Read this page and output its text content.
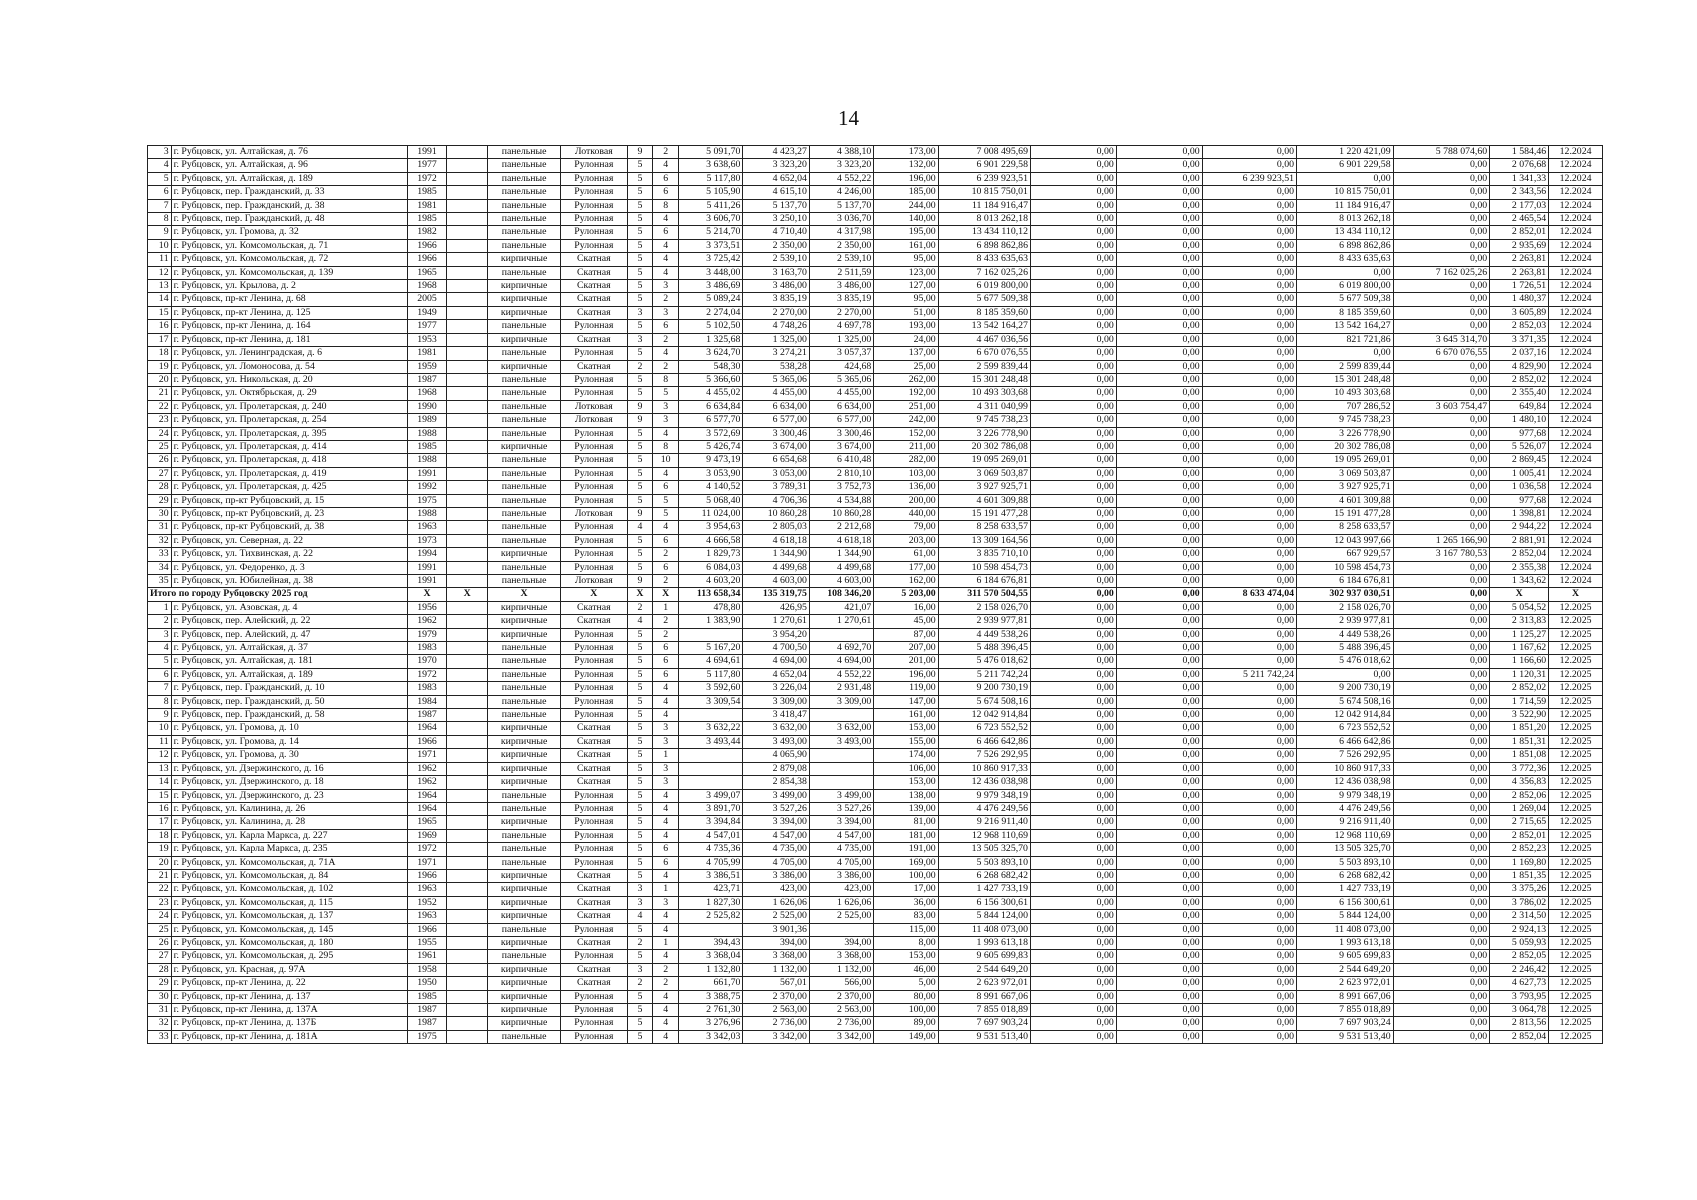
14
3	г. Рубцовск, ул. Алтайская, д. 76	1991		панельные	Лотковая	9	2	5 091,70	4 423,27	4 388,10	173,00	7 008 495,69	0,00	0,00	0,00	1 220 421,09	5 788 074,60	1 584,46	12.2024
4	г. Рубцовск, ул. Алтайская, д. 96	1977		панельные	Рулонная	5	4	3 638,60	3 323,20	3 323,20	132,00	6 901 229,58	0,00	0,00	0,00	6 901 229,58	0,00	2 076,68	12.2024
5	г. Рубцовск, ул. Алтайская, д. 189	1972		панельные	Рулонная	5	6	5 117,80	4 652,04	4 552,22	196,00	6 239 923,51	0,00	0,00	6 239 923,51	0,00	0,00	1 341,33	12.2024
6	г. Рубцовск, пер. Гражданский, д. 33	1985		панельные	Рулонная	5	6	5 105,90	4 615,10	4 246,00	185,00	10 815 750,01	0,00	0,00	0,00	10 815 750,01	0,00	2 343,56	12.2024
7	г. Рубцовск, пер. Гражданский, д. 38	1981		панельные	Рулонная	5	8	5 411,26	5 137,70	5 137,70	244,00	11 184 916,47	0,00	0,00	0,00	11 184 916,47	0,00	2 177,03	12.2024
8	г. Рубцовск, пер. Гражданский, д. 48	1985		панельные	Рулонная	5	4	3 606,70	3 250,10	3 036,70	140,00	8 013 262,18	0,00	0,00	0,00	8 013 262,18	0,00	2 465,54	12.2024
9	г. Рубцовск, ул. Громова, д. 32	1982		панельные	Рулонная	5	6	5 214,70	4 710,40	4 317,98	195,00	13 434 110,12	0,00	0,00	0,00	13 434 110,12	0,00	2 852,01	12.2024
10	г. Рубцовск, ул. Комсомольская, д. 71	1966		панельные	Рулонная	5	4	3 373,51	2 350,00	2 350,00	161,00	6 898 862,86	0,00	0,00	0,00	6 898 862,86	0,00	2 935,69	12.2024
11	г. Рубцовск, ул. Комсомольская, д. 72	1966		кирпичные	Скатная	5	4	3 725,42	2 539,10	2 539,10	95,00	8 433 635,63	0,00	0,00	0,00	8 433 635,63	0,00	2 263,81	12.2024
12	г. Рубцовск, ул. Комсомольская, д. 139	1965		панельные	Скатная	5	4	3 448,00	3 163,70	2 511,59	123,00	7 162 025,26	0,00	0,00	0,00	0,00	7 162 025,26	2 263,81	12.2024
13	г. Рубцовск, ул. Крылова, д. 2	1968		кирпичные	Скатная	5	3	3 486,69	3 486,00	3 486,00	127,00	6 019 800,00	0,00	0,00	0,00	6 019 800,00	0,00	1 726,51	12.2024
14	г. Рубцовск, пр-кт Ленина, д. 68	2005		кирпичные	Скатная	5	2	5 089,24	3 835,19	3 835,19	95,00	5 677 509,38	0,00	0,00	0,00	5 677 509,38	0,00	1 480,37	12.2024
15	г. Рубцовск, пр-кт Ленина, д. 125	1949		кирпичные	Скатная	3	3	2 274,04	2 270,00	2 270,00	51,00	8 185 359,60	0,00	0,00	0,00	8 185 359,60	0,00	3 605,89	12.2024
16	г. Рубцовск, пр-кт Ленина, д. 164	1977		панельные	Рулонная	5	6	5 102,50	4 748,26	4 697,78	193,00	13 542 164,27	0,00	0,00	0,00	13 542 164,27	0,00	2 852,03	12.2024
17	г. Рубцовск, пр-кт Ленина, д. 181	1953		кирпичные	Скатная	3	2	1 325,68	1 325,00	1 325,00	24,00	4 467 036,56	0,00	0,00	0,00	821 721,86	3 645 314,70	3 371,35	12.2024
18	г. Рубцовск, ул. Ленинградская, д. 6	1981		панельные	Рулонная	5	4	3 624,70	3 274,21	3 057,37	137,00	6 670 076,55	0,00	0,00	0,00	0,00	6 670 076,55	2 037,16	12.2024
19	г. Рубцовск, ул. Ломоносова, д. 54	1959		кирпичные	Скатная	2	2	548,30	538,28	424,68	25,00	2 599 839,44	0,00	0,00	0,00	2 599 839,44	0,00	4 829,90	12.2024
20	г. Рубцовск, ул. Никольская, д. 20	1987		панельные	Рулонная	5	8	5 366,60	5 365,06	5 365,06	262,00	15 301 248,48	0,00	0,00	0,00	15 301 248,48	0,00	2 852,02	12.2024
21	г. Рубцовск, ул. Октябрьская, д. 29	1968		панельные	Рулонная	5	5	4 455,02	4 455,00	4 455,00	192,00	10 493 303,68	0,00	0,00	0,00	10 493 303,68	0,00	2 355,40	12.2024
22	г. Рубцовск, ул. Пролетарская, д. 240	1990		панельные	Лотковая	9	3	6 634,84	6 634,00	6 634,00	251,00	4 311 040,99	0,00	0,00	0,00	707 286,52	3 603 754,47	649,84	12.2024
23	г. Рубцовск, ул. Пролетарская, д. 254	1989		панельные	Лотковая	9	3	6 577,70	6 577,00	6 577,00	242,00	9 745 738,23	0,00	0,00	0,00	9 745 738,23	0,00	1 480,10	12.2024
24	г. Рубцовск, ул. Пролетарская, д. 395	1988		панельные	Рулонная	5	4	3 572,69	3 300,46	3 300,46	152,00	3 226 778,90	0,00	0,00	0,00	3 226 778,90	0,00	977,68	12.2024
25	г. Рубцовск, ул. Пролетарская, д. 414	1985		кирпичные	Рулонная	5	8	5 426,74	3 674,00	3 674,00	211,00	20 302 786,08	0,00	0,00	0,00	20 302 786,08	0,00	5 526,07	12.2024
26	г. Рубцовск, ул. Пролетарская, д. 418	1988		панельные	Рулонная	5	10	9 473,19	6 654,68	6 410,48	282,00	19 095 269,01	0,00	0,00	0,00	19 095 269,01	0,00	2 869,45	12.2024
27	г. Рубцовск, ул. Пролетарская, д. 419	1991		панельные	Рулонная	5	4	3 053,90	3 053,00	2 810,10	103,00	3 069 503,87	0,00	0,00	0,00	3 069 503,87	0,00	1 005,41	12.2024
28	г. Рубцовск, ул. Пролетарская, д. 425	1992		панельные	Рулонная	5	6	4 140,52	3 789,31	3 752,73	136,00	3 927 925,71	0,00	0,00	0,00	3 927 925,71	0,00	1 036,58	12.2024
29	г. Рубцовск, пр-кт Рубцовский, д. 15	1975		панельные	Рулонная	5	5	5 068,40	4 706,36	4 534,88	200,00	4 601 309,88	0,00	0,00	0,00	4 601 309,88	0,00	977,68	12.2024
30	г. Рубцовск, пр-кт Рубцовский, д. 23	1988		панельные	Лотковая	9	5	11 024,00	10 860,28	10 860,28	440,00	15 191 477,28	0,00	0,00	0,00	15 191 477,28	0,00	1 398,81	12.2024
31	г. Рубцовск, пр-кт Рубцовский, д. 38	1963		панельные	Рулонная	4	4	3 954,63	2 805,03	2 212,68	79,00	8 258 633,57	0,00	0,00	0,00	8 258 633,57	0,00	2 944,22	12.2024
32	г. Рубцовск, ул. Северная, д. 22	1973		панельные	Рулонная	5	6	4 666,58	4 618,18	4 618,18	203,00	13 309 164,56	0,00	0,00	0,00	12 043 997,66	1 265 166,90	2 881,91	12.2024
33	г. Рубцовск, ул. Тихвинская, д. 22	1994		кирпичные	Рулонная	5	2	1 829,73	1 344,90	1 344,90	61,00	3 835 710,10	0,00	0,00	0,00	667 929,57	3 167 780,53	2 852,04	12.2024
34	г. Рубцовск, ул. Федоренко, д. 3	1991		панельные	Рулонная	5	6	6 084,03	4 499,68	4 499,68	177,00	10 598 454,73	0,00	0,00	0,00	10 598 454,73	0,00	2 355,38	12.2024
35	г. Рубцовск, ул. Юбилейная, д. 38	1991		панельные	Лотковая	9	2	4 603,20	4 603,00	4 603,00	162,00	6 184 676,81	0,00	0,00	0,00	6 184 676,81	0,00	1 343,62	12.2024
Итого по городу Рубцовску 2025 год		X	X	X	X	X	X	113 658,34	135 319,75	108 346,20	5 203,00	311 570 504,55	0,00	0,00	8 633 474,04	302 937 030,51	0,00	X	X
1	г. Рубцовск, ул. Азовская, д. 4	1956		кирпичные	Скатная	2	1	478,80	426,95	421,07	16,00	2 158 026,70	0,00	0,00	0,00	2 158 026,70	0,00	5 054,52	12.2025
2	г. Рубцовск, пер. Алейский, д. 22	1962		кирпичные	Скатная	4	2	1 383,90	1 270,61	1 270,61	45,00	2 939 977,81	0,00	0,00	0,00	2 939 977,81	0,00	2 313,83	12.2025
3	г. Рубцовск, пер. Алейский, д. 47	1979		кирпичные	Рулонная	5	2		3 954,20		87,00	4 449 538,26	0,00	0,00	0,00	4 449 538,26	0,00	1 125,27	12.2025
4	г. Рубцовск, ул. Алтайская, д. 37	1983		панельные	Рулонная	5	6	5 167,20	4 700,50	4 692,70	207,00	5 488 396,45	0,00	0,00	0,00	5 488 396,45	0,00	1 167,62	12.2025
5	г. Рубцовск, ул. Алтайская, д. 181	1970		панельные	Рулонная	5	6	4 694,61	4 694,00	4 694,00	201,00	5 476 018,62	0,00	0,00	0,00	5 476 018,62	0,00	1 166,60	12.2025
6	г. Рубцовск, ул. Алтайская, д. 189	1972		панельные	Рулонная	5	6	5 117,80	4 652,04	4 552,22	196,00	5 211 742,24	0,00	0,00	5 211 742,24	0,00	0,00	1 120,31	12.2025
7	г. Рубцовск, пер. Гражданский, д. 10	1983		панельные	Рулонная	5	4	3 592,60	3 226,04	2 931,48	119,00	9 200 730,19	0,00	0,00	0,00	9 200 730,19	0,00	2 852,02	12.2025
8	г. Рубцовск, пер. Гражданский, д. 50	1984		панельные	Рулонная	5	4	3 309,54	3 309,00	3 309,00	147,00	5 674 508,16	0,00	0,00	0,00	5 674 508,16	0,00	1 714,59	12.2025
9	г. Рубцовск, пер. Гражданский, д. 58	1987		панельные	Рулонная	5	4		3 418,47		161,00	12 042 914,84	0,00	0,00	0,00	12 042 914,84	0,00	3 522,90	12.2025
10	г. Рубцовск, ул. Громова, д. 10	1964		кирпичные	Скатная	5	3	3 632,22	3 632,00	3 632,00	153,00	6 723 552,52	0,00	0,00	0,00	6 723 552,52	0,00	1 851,20	12.2025
11	г. Рубцовск, ул. Громова, д. 14	1966		кирпичные	Скатная	5	3	3 493,44	3 493,00	3 493,00	155,00	6 466 642,86	0,00	0,00	0,00	6 466 642,86	0,00	1 851,31	12.2025
12	г. Рубцовск, ул. Громова, д. 30	1971		кирпичные	Скатная	5	1		4 065,90		174,00	7 526 292,95	0,00	0,00	0,00	7 526 292,95	0,00	1 851,08	12.2025
13	г. Рубцовск, ул. Дзержинского, д. 16	1962		кирпичные	Скатная	5	3		2 879,08		106,00	10 860 917,33	0,00	0,00	0,00	10 860 917,33	0,00	3 772,36	12.2025
14	г. Рубцовск, ул. Дзержинского, д. 18	1962		кирпичные	Скатная	5	3		2 854,38		153,00	12 436 038,98	0,00	0,00	0,00	12 436 038,98	0,00	4 356,83	12.2025
15	г. Рубцовск, ул. Дзержинского, д. 23	1964		панельные	Рулонная	5	4	3 499,07	3 499,00	3 499,00	138,00	9 979 348,19	0,00	0,00	0,00	9 979 348,19	0,00	2 852,06	12.2025
16	г. Рубцовск, ул. Калинина, д. 26	1964		панельные	Рулонная	5	4	3 891,70	3 527,26	3 527,26	139,00	4 476 249,56	0,00	0,00	0,00	4 476 249,56	0,00	1 269,04	12.2025
17	г. Рубцовск, ул. Калинина, д. 28	1965		кирпичные	Рулонная	5	4	3 394,84	3 394,00	3 394,00	81,00	9 216 911,40	0,00	0,00	0,00	9 216 911,40	0,00	2 715,65	12.2025
18	г. Рубцовск, ул. Карла Маркса, д. 227	1969		панельные	Рулонная	5	4	4 547,01	4 547,00	4 547,00	181,00	12 968 110,69	0,00	0,00	0,00	12 968 110,69	0,00	2 852,01	12.2025
19	г. Рубцовск, ул. Карла Маркса, д. 235	1972		панельные	Рулонная	5	6	4 735,36	4 735,00	4 735,00	191,00	13 505 325,70	0,00	0,00	0,00	13 505 325,70	0,00	2 852,23	12.2025
20	г. Рубцовск, ул. Комсомольская, д. 71А	1971		панельные	Рулонная	5	6	4 705,99	4 705,00	4 705,00	169,00	5 503 893,10	0,00	0,00	0,00	5 503 893,10	0,00	1 169,80	12.2025
21	г. Рубцовск, ул. Комсомольская, д. 84	1966		кирпичные	Скатная	5	4	3 386,51	3 386,00	3 386,00	100,00	6 268 682,42	0,00	0,00	0,00	6 268 682,42	0,00	1 851,35	12.2025
22	г. Рубцовск, ул. Комсомольская, д. 102	1963		кирпичные	Скатная	3	1	423,71	423,00	423,00	17,00	1 427 733,19	0,00	0,00	0,00	1 427 733,19	0,00	3 375,26	12.2025
23	г. Рубцовск, ул. Комсомольская, д. 115	1952		кирпичные	Скатная	3	3	1 827,30	1 626,06	1 626,06	36,00	6 156 300,61	0,00	0,00	0,00	6 156 300,61	0,00	3 786,02	12.2025
24	г. Рубцовск, ул. Комсомольская, д. 137	1963		кирпичные	Скатная	4	4	2 525,82	2 525,00	2 525,00	83,00	5 844 124,00	0,00	0,00	0,00	5 844 124,00	0,00	2 314,50	12.2025
25	г. Рубцовск, ул. Комсомольская, д. 145	1966		панельные	Рулонная	5	4		3 901,36		115,00	11 408 073,00	0,00	0,00	0,00	11 408 073,00	0,00	2 924,13	12.2025
26	г. Рубцовск, ул. Комсомольская, д. 180	1955		кирпичные	Скатная	2	1	394,43	394,00	394,00	8,00	1 993 613,18	0,00	0,00	0,00	1 993 613,18	0,00	5 059,93	12.2025
27	г. Рубцовск, ул. Комсомольская, д. 295	1961		панельные	Рулонная	5	4	3 368,04	3 368,00	3 368,00	153,00	9 605 699,83	0,00	0,00	0,00	9 605 699,83	0,00	2 852,05	12.2025
28	г. Рубцовск, ул. Красная, д. 97А	1958		кирпичные	Скатная	3	2	1 132,80	1 132,00	1 132,00	46,00	2 544 649,20	0,00	0,00	0,00	2 544 649,20	0,00	2 246,42	12.2025
29	г. Рубцовск, пр-кт Ленина, д. 22	1950		кирпичные	Скатная	2	2	661,70	567,01	566,00	5,00	2 623 972,01	0,00	0,00	0,00	2 623 972,01	0,00	4 627,73	12.2025
30	г. Рубцовск, пр-кт Ленина, д. 137	1985		кирпичные	Рулонная	5	4	3 388,75	2 370,00	2 370,00	80,00	8 991 667,06	0,00	0,00	0,00	8 991 667,06	0,00	3 793,95	12.2025
31	г. Рубцовск, пр-кт Ленина, д. 137А	1987		кирпичные	Рулонная	5	4	2 761,30	2 563,00	2 563,00	100,00	7 855 018,89	0,00	0,00	0,00	7 855 018,89	0,00	3 064,78	12.2025
32	г. Рубцовск, пр-кт Ленина, д. 137Б	1987		кирпичные	Рулонная	5	4	3 276,96	2 736,00	2 736,00	89,00	7 697 903,24	0,00	0,00	0,00	7 697 903,24	0,00	2 813,56	12.2025
33	г. Рубцовск, пр-кт Ленина, д. 181А	1975		панельные	Рулонная	5	4	3 342,03	3 342,00	3 342,00	149,00	9 531 513,40	0,00	0,00	0,00	9 531 513,40	0,00	2 852,04	12.2025
